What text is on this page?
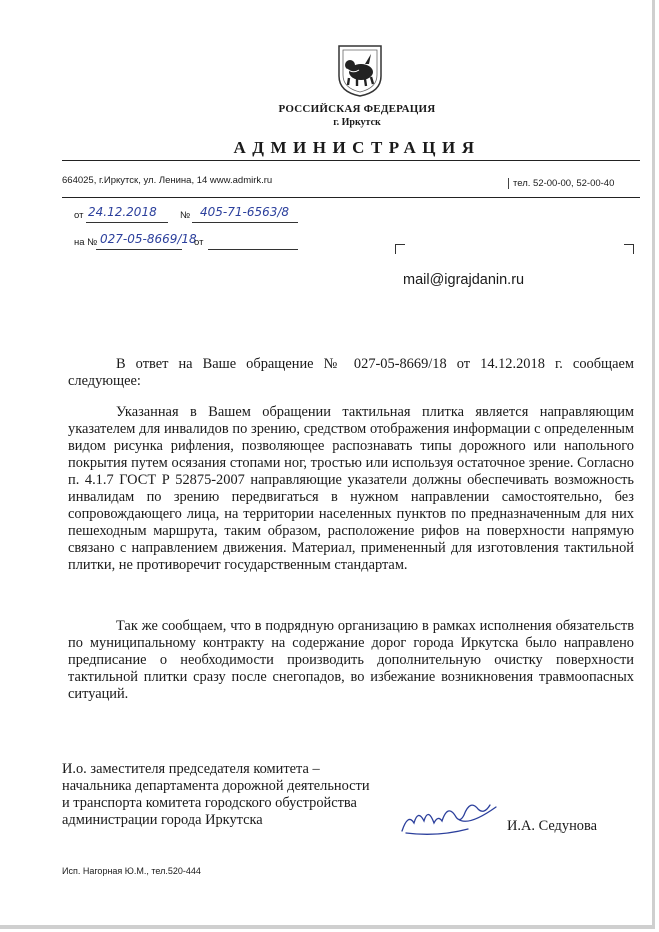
РОССИЙСКАЯ ФЕДЕРАЦИЯ
г. Иркутск
АДМИНИСТРАЦИЯ
664025, г.Иркутск, ул. Ленина, 14 www.admirk.ru	тел. 52-00-00, 52-00-40
от 24.12.2018 № 405-71-6563/8
на № 027-05-8669/18
от
mail@igrajdanin.ru

В ответ на Ваше обращение № 027-05-8669/18 от 14.12.2018 г. сообщаем следующее:

Указанная в Вашем обращении тактильная плитка является направляющим указателем для инвалидов по зрению, средством отображения информации с определенным видом рисунка рифления, позволяющее распознавать типы дорожного или напольного покрытия путем осязания стопами ног, тростью или используя остаточное зрение. Согласно п. 4.1.7 ГОСТ Р 52875-2007 направляющие указатели должны обеспечивать возможность инвалидам по зрению передвигаться в нужном направлении самостоятельно, без сопровождающего лица, на территории населенных пунктов по предназначенным для них пешеходным маршрута, таким образом, расположение рифов на поверхности напрямую связано с направлением движения. Материал, примененный для изготовления тактильной плитки, не противоречит государственным стандартам.

Так же сообщаем, что в подрядную организацию в рамках исполнения обязательств по муниципальному контракту на содержание дорог города Иркутска было направлено предписание о необходимости производить дополнительную очистку поверхности тактильной плитки сразу после снегопадов, во избежание возникновения травмоопасных ситуаций.

И.о. заместителя председателя комитета –
начальника департамента дорожной деятельности
и транспорта комитета городского обустройства
администрации города Иркутска	И.А. Седунова
Исп. Нагорная Ю.М., тел.520-444
